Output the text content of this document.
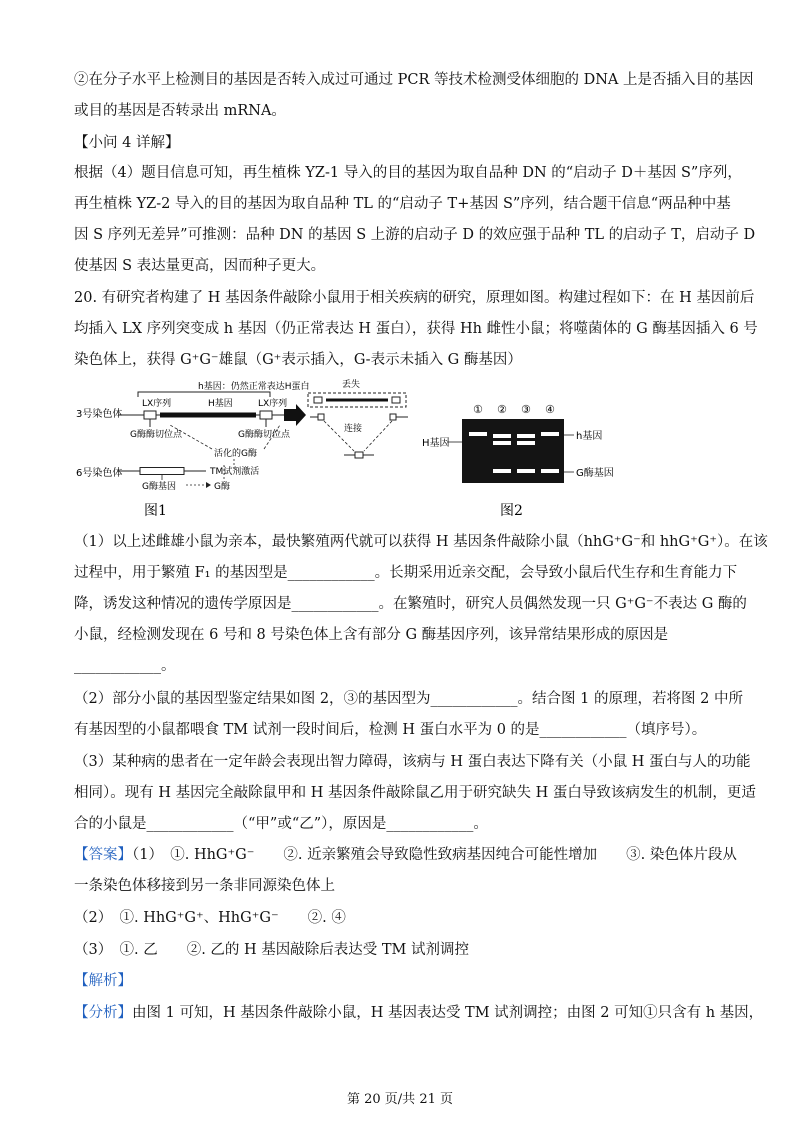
②在分子水平上检测目的基因是否转入成过可通过 PCR 等技术检测受体细胞的 DNA 上是否插入目的基因
或目的基因是否转录出 mRNA。
【小问 4 详解】
根据（4）题目信息可知，再生植株 YZ-1 导入的目的基因为取自品种 DN 的“启动子 D＋基因 S”序列，
再生植株 YZ-2 导入的目的基因为取自品种 TL 的“启动子 T+基因 S”序列，结合题干信息“两品种中基
因 S 序列无差异”可推测：品种 DN 的基因 S 上游的启动子 D 的效应强于品种 TL 的启动子 T，启动子 D
使基因 S 表达量更高，因而种子更大。
20. 有研究者构建了 H 基因条件敲除小鼠用于相关疾病的研究，原理如图。构建过程如下：在 H 基因前后
均插入 LX 序列突变成 h 基因（仍正常表达 H 蛋白），获得 Hh 雌性小鼠；将噬菌体的 G 酶基因插入 6 号
染色体上，获得 G⁺G⁻雄鼠（G⁺表示插入，G-表示未插入 G 酶基因）
（1）以上述雌雄小鼠为亲本，最快繁殖两代就可以获得 H 基因条件敲除小鼠（hhG⁺G⁻和 hhG⁺G⁺）。在该
过程中，用于繁殖 F₁ 的基因型是____________。长期采用近亲交配，会导致小鼠后代生存和生育能力下
降，诱发这种情况的遗传学原因是____________。在繁殖时，研究人员偶然发现一只 G⁺G⁻不表达 G 酶的
小鼠，经检测发现在 6 号和 8 号染色体上含有部分 G 酶基因序列，该异常结果形成的原因是
____________。
（2）部分小鼠的基因型鉴定结果如图 2，③的基因型为____________。结合图 1 的原理，若将图 2 中所
有基因型的小鼠都喂食 TM 试剂一段时间后，检测 H 蛋白水平为 0 的是____________（填序号）。
（3）某种病的患者在一定年龄会表现出智力障碍，该病与 H 蛋白表达下降有关（小鼠 H 蛋白与人的功能
相同）。现有 H 基因完全敲除鼠甲和 H 基因条件敲除鼠乙用于研究缺失 H 蛋白导致该病发生的机制，更适
合的小鼠是____________（“甲”或“乙”），原因是____________。
【答案】（1）　①. HhG⁺G⁻　　②. 近亲繁殖会导致隐性致病基因纯合可能性增加　　③. 染色体片段从
一条染色体移接到另一条非同源染色体上
（2）　①. HhG⁺G⁺、HhG⁺G⁻　　②. ④
（3）　①. 乙　　②. 乙的 H 基因敲除后表达受 TM 试剂调控
【解析】
【分析】由图 1 可知，H 基因条件敲除小鼠，H 基因表达受 TM 试剂调控；由图 2 可知①只含有 h 基因，
3号染色体
6号染色体
h基因：仍然正常表达H蛋白
LX序列	H基因	LX序列
G酶酶切位点	G酶酶切位点
丢失
连接
活化的G酶
TM试剂激活
G酶基因	G酶
图1
① ② ③ ④
H基因
h基因
G酶基因
图2
第 20 页/共 21 页
